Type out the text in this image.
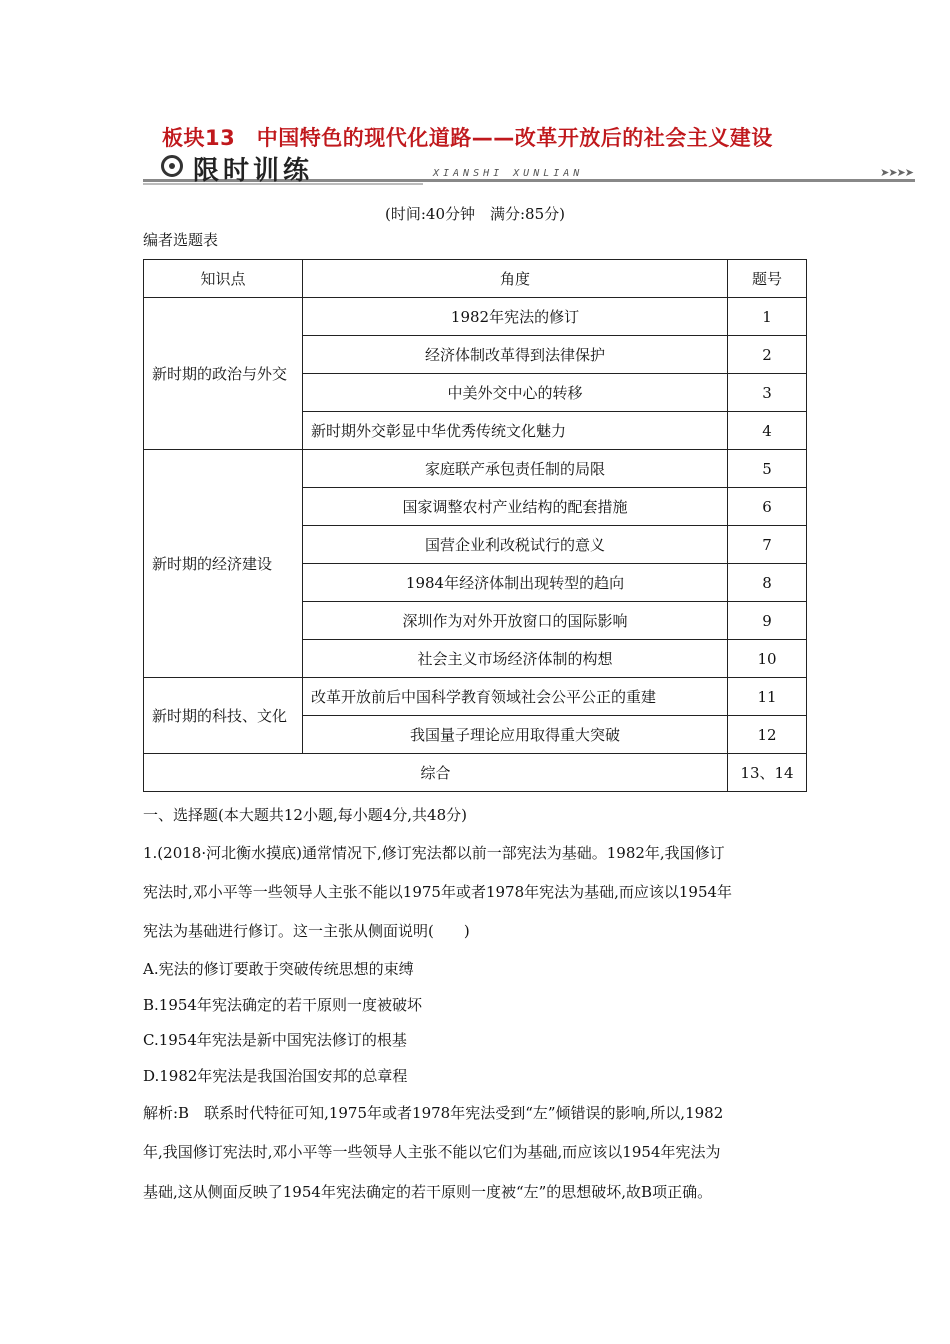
板块13　中国特色的现代化道路——改革开放后的社会主义建设
限时训练	XIANSHI XUNLIAN	➤➤➤➤
(时间:40分钟　满分:85分)
编者选题表
知识点	角度	题号
新时期的政治与外交	1982年宪法的修订	1
	经济体制改革得到法律保护	2
	中美外交中心的转移	3
	新时期外交彰显中华优秀传统文化魅力	4
新时期的经济建设	家庭联产承包责任制的局限	5
	国家调整农村产业结构的配套措施	6
	国营企业利改税试行的意义	7
	1984年经济体制出现转型的趋向	8
	深圳作为对外开放窗口的国际影响	9
	社会主义市场经济体制的构想	10
新时期的科技、文化	改革开放前后中国科学教育领域社会公平公正的重建	11
	我国量子理论应用取得重大突破	12
综合		13、14
一、选择题(本大题共12小题,每小题4分,共48分)
1.(2018·河北衡水摸底)通常情况下,修订宪法都以前一部宪法为基础。1982年,我国修订
宪法时,邓小平等一些领导人主张不能以1975年或者1978年宪法为基础,而应该以1954年
宪法为基础进行修订。这一主张从侧面说明(　　)
A.宪法的修订要敢于突破传统思想的束缚
B.1954年宪法确定的若干原则一度被破坏
C.1954年宪法是新中国宪法修订的根基
D.1982年宪法是我国治国安邦的总章程
解析:B　联系时代特征可知,1975年或者1978年宪法受到“左”倾错误的影响,所以,1982
年,我国修订宪法时,邓小平等一些领导人主张不能以它们为基础,而应该以1954年宪法为
基础,这从侧面反映了1954年宪法确定的若干原则一度被“左”的思想破坏,故B项正确。
